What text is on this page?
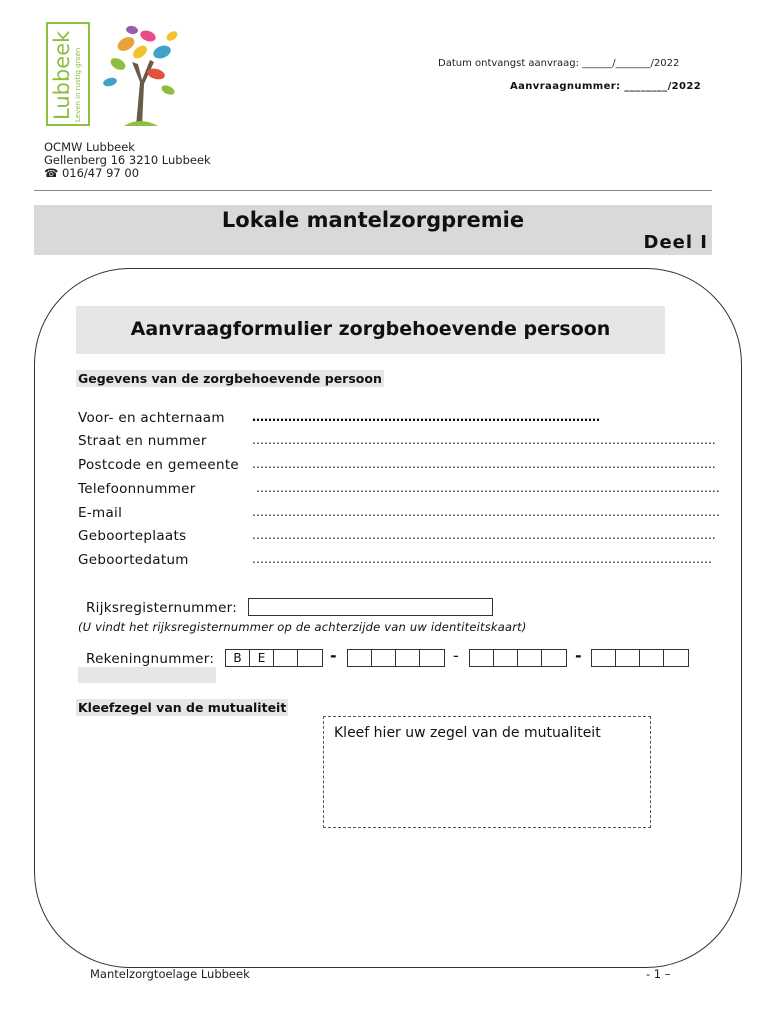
Lubbeek Leven in rustig groen	Datum ontvangst aanvraag: ______/_______/2022
Aanvraagnummer: ________/2022
OCMW Lubbeek
Gellenberg 16 3210 Lubbeek
☎ 016/47 97 00
Lokale mantelzorgpremie
Deel I
Aanvraagformulier zorgbehoevende persoon
Gegevens van de zorgbehoevende persoon
Voor- en achternaam ……………………………………………………………………………
Straat en nummer	……………………………………………………………………………………………………..
Postcode en gemeente ……………………………………………………………………………………………………..
Telefoonnummer	……………………………………………………………………………………………………..
E-mail	………………………………………………………………………………………………………
Geboorteplaats	……………………………………………………………………………………………………..
Geboortedatum	…………………………………………………………………………………………………….
Rijksregisternummer:
(U vindt het rijksregisternummer op de achterzijde van uw identiteitskaart)
Rekeningnummer:	B	E	-	-	-
Kleefzegel van de mutualiteit
Kleef hier uw zegel van de mutualiteit
Mantelzorgtoelage Lubbeek	- 1 –
